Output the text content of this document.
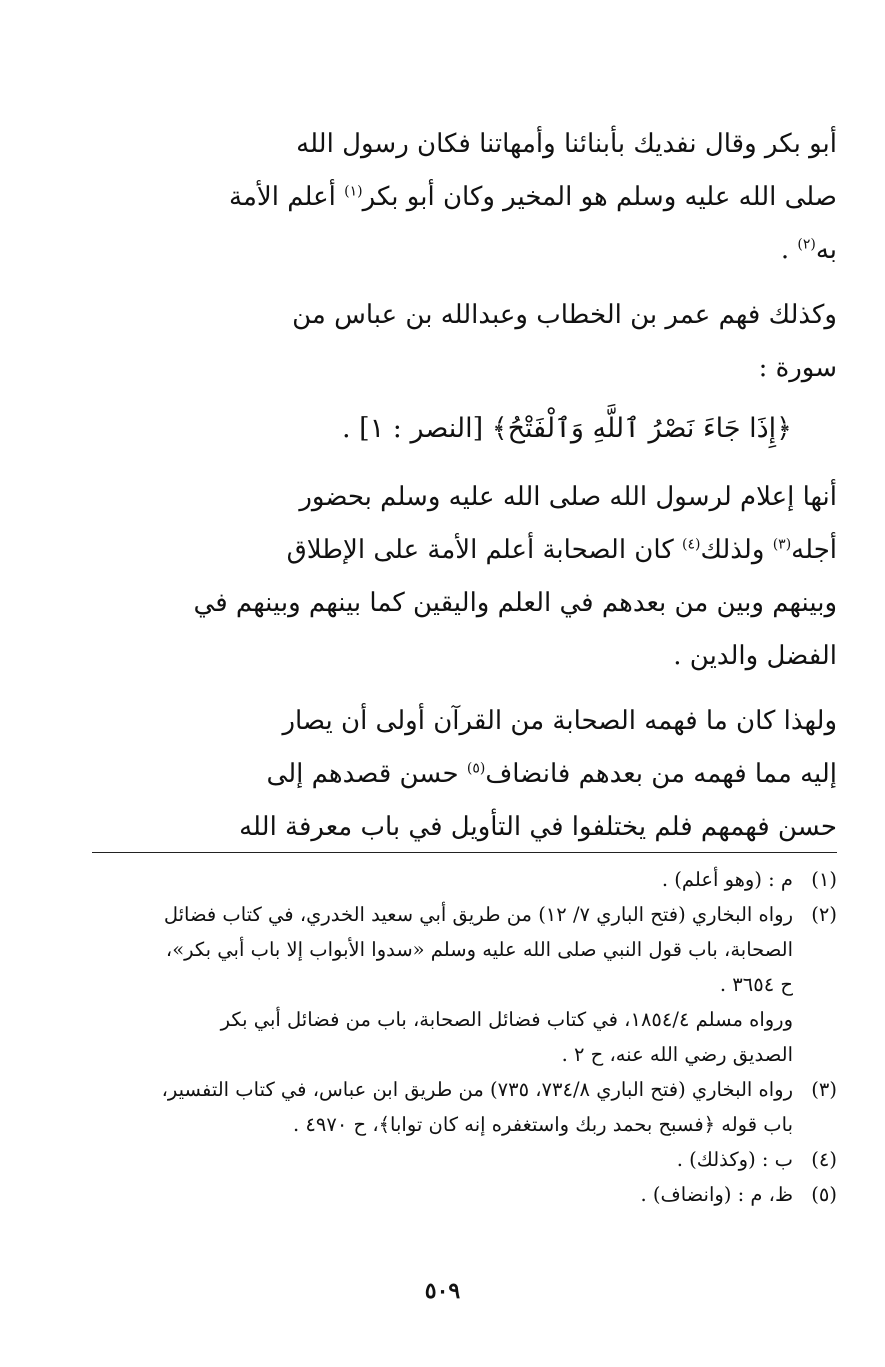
أبو بكر وقال نفديك بأبنائنا وأمهاتنا فكان رسول الله
صلى الله عليه وسلم هو المخير وكان أبو بكر$^{(١)}$ أعلم الأمة
به$^{(٢)}$ .
وكذلك فهم عمر بن الخطاب وعبدالله بن عباس من
سورة :
﴿إِذَا جَاءَ نَصْرُ ٱللَّهِ وَٱلْفَتْحُ﴾ [النصر : ١] .
أنها إعلام لرسول الله صلى الله عليه وسلم بحضور
أجله$^{(٣)}$ ولذلك$^{(٤)}$ كان الصحابة أعلم الأمة على الإطلاق
وبينهم وبين من بعدهم في العلم واليقين كما بينهم وبينهم في
الفضل والدين .
ولهذا كان ما فهمه الصحابة من القرآن أولى أن يصار
إليه مما فهمه من بعدهم فانضاف$^{(٥)}$ حسن قصدهم إلى
حسن فهمهم فلم يختلفوا في التأويل في باب معرفة الله
(١)
م : (وهو أعلم) .
(٢)
رواه البخاري (فتح الباري ٧/ ١٢) من طريق أبي سعيد الخدري، في كتاب فضائل
الصحابة، باب قول النبي صلى الله عليه وسلم «سدوا الأبواب إلا باب أبي بكر»،
ح ٣٦٥٤ .
ورواه مسلم ١٨٥٤/٤، في كتاب فضائل الصحابة، باب من فضائل أبي بكر
الصديق رضي الله عنه، ح ٢ .
(٣)
رواه البخاري (فتح الباري ٧٣٤/٨، ٧٣٥) من طريق ابن عباس، في كتاب التفسير،
باب قوله ﴿فسبح بحمد ربك واستغفره إنه كان توابا﴾، ح ٤٩٧٠ .
(٤)
ب : (وكذلك) .
(٥)
ظ، م : (وانضاف) .
٥٠٩
